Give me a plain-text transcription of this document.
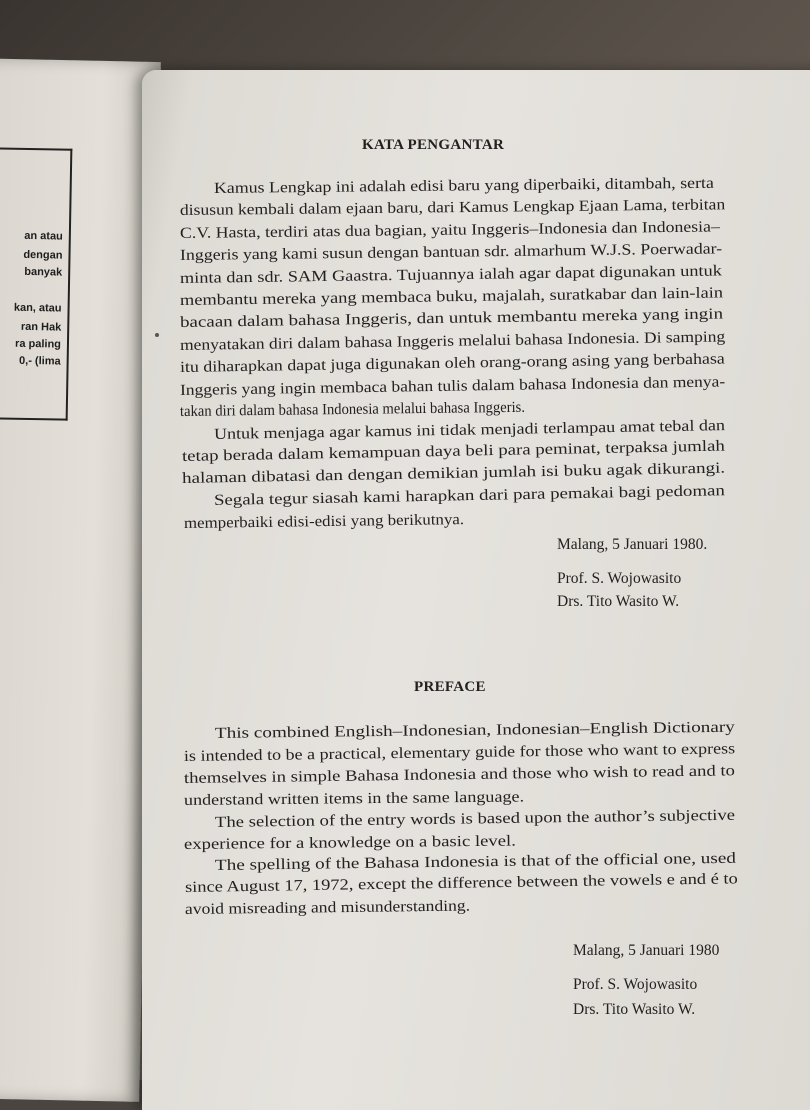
an atau
dengan
banyak
kan, atau
ran Hak
ra paling
0,- (lima
KATA PENGANTAR
Kamus Lengkap ini adalah edisi baru yang diperbaiki, ditambah, serta
disusun kembali dalam ejaan baru, dari Kamus Lengkap Ejaan Lama, terbitan
C.V. Hasta, terdiri atas dua bagian, yaitu Inggeris–Indonesia dan Indonesia–
Inggeris yang kami susun dengan bantuan sdr. almarhum W.J.S. Poerwadar-
minta dan sdr. SAM Gaastra. Tujuannya ialah agar dapat digunakan untuk
membantu mereka yang membaca buku, majalah, suratkabar dan lain-lain
bacaan dalam bahasa Inggeris, dan untuk membantu mereka yang ingin
menyatakan diri dalam bahasa Inggeris melalui bahasa Indonesia. Di samping
itu diharapkan dapat juga digunakan oleh orang-orang asing yang berbahasa
Inggeris yang ingin membaca bahan tulis dalam bahasa Indonesia dan menya-
takan diri dalam bahasa Indonesia melalui bahasa Inggeris.
Untuk menjaga agar kamus ini tidak menjadi terlampau amat tebal dan
tetap berada dalam kemampuan daya beli para peminat, terpaksa jumlah
halaman dibatasi dan dengan demikian jumlah isi buku agak dikurangi.
Segala tegur siasah kami harapkan dari para pemakai bagi pedoman
memperbaiki edisi-edisi yang berikutnya.
Malang, 5 Januari 1980.
Prof. S. Wojowasito
Drs. Tito Wasito W.
PREFACE
This combined English–Indonesian, Indonesian–English Dictionary
is intended to be a practical, elementary guide for those who want to express
themselves in simple Bahasa Indonesia and those who wish to read and to
understand written items in the same language.
The selection of the entry words is based upon the author’s subjective
experience for a knowledge on a basic level.
The spelling of the Bahasa Indonesia is that of the official one, used
since August 17, 1972, except the difference between the vowels e and é to
avoid misreading and misunderstanding.
Malang, 5 Januari 1980
Prof. S. Wojowasito
Drs. Tito Wasito W.
